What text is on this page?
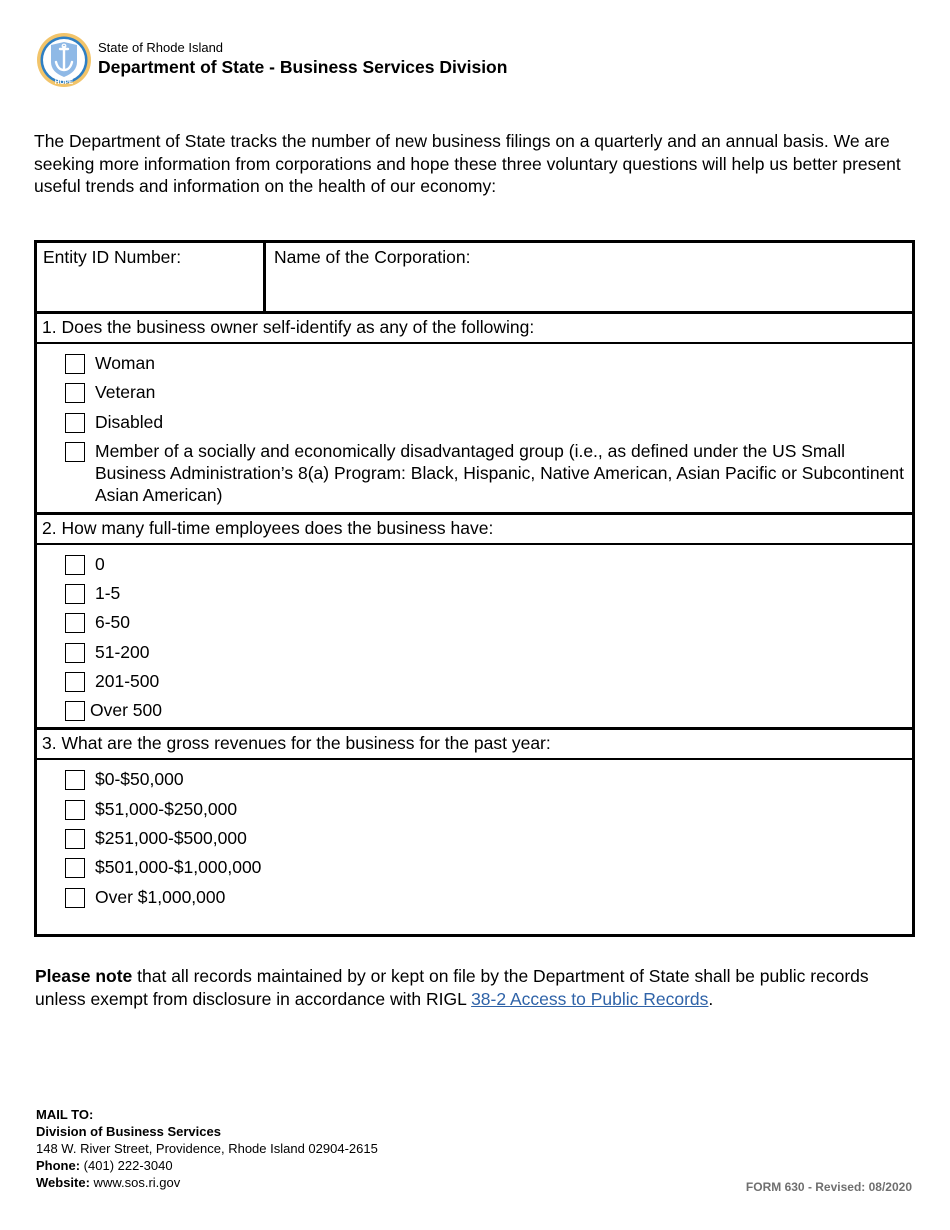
HOPE
State of Rhode Island
Department of State - Business Services Division
The Department of State tracks the number of new business filings on a quarterly and an annual basis. We are seeking more information from corporations and hope these three voluntary questions will help us better present useful trends and information on the health of our economy:
Entity ID Number:	Name of the Corporation:
1. Does the business owner self-identify as any of the following:
Woman
Veteran
Disabled
Member of a socially and economically disadvantaged group (i.e., as defined under the US Small Business Administration’s 8(a) Program: Black, Hispanic, Native American, Asian Pacific or Subcontinent Asian American)
2. How many full-time employees does the business have:
0
1-5
6-50
51-200
201-500
Over 500
3. What are the gross revenues for the business for the past year:
$0-$50,000
$51,000-$250,000
$251,000-$500,000
$501,000-$1,000,000
Over $1,000,000
Please note that all records maintained by or kept on file by the Department of State shall be public records unless exempt from disclosure in accordance with RIGL 38-2 Access to Public Records.
MAIL TO:
Division of Business Services
148 W. River Street, Providence, Rhode Island 02904-2615
Phone: (401) 222-3040
Website: www.sos.ri.gov	FORM 630 - Revised: 08/2020
